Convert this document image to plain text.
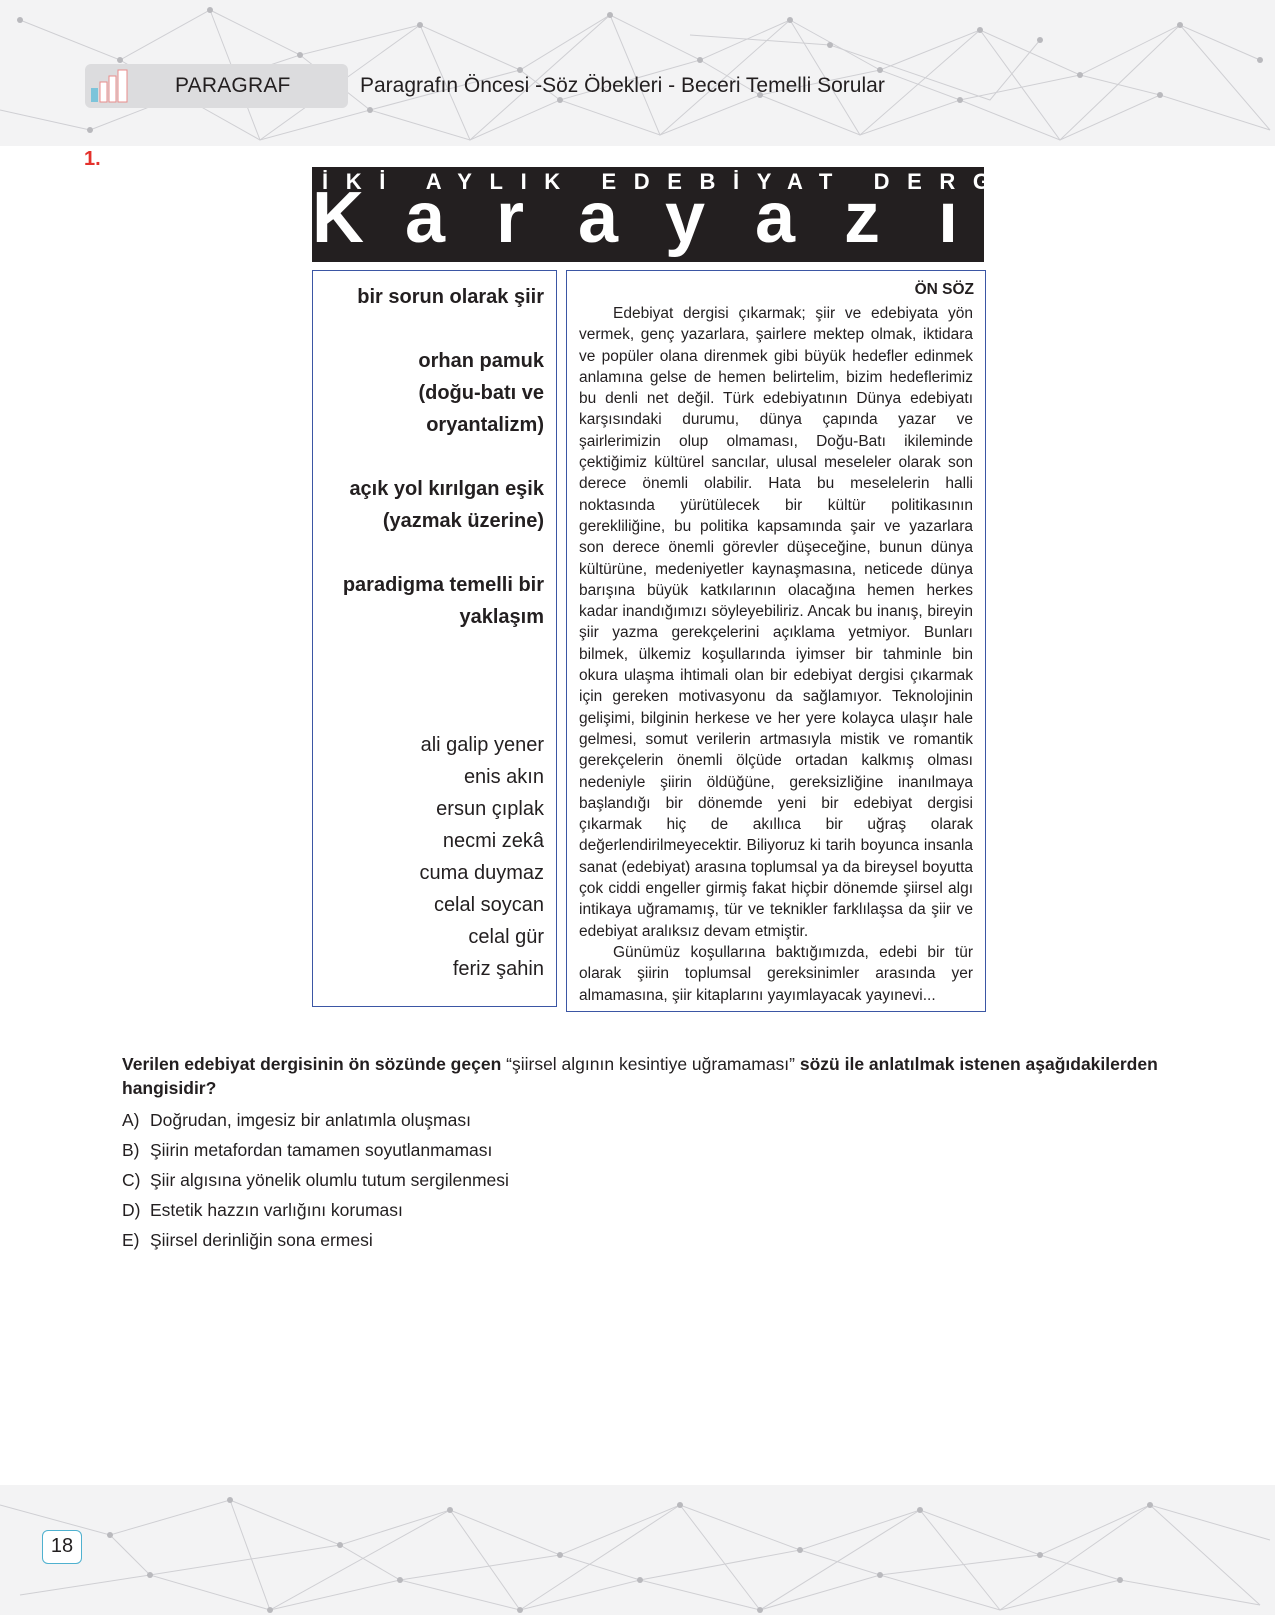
PARAGRAF	Paragrafın Öncesi -Söz Öbekleri - Beceri Temelli Sorular
1.
İKİ AYLIK EDEBİYAT DERGİSİ / 2008
K a r a y a z ı
bir sorun olarak şiir
orhan pamuk
(doğu-batı ve
oryantalizm)
açık yol kırılgan eşik
(yazmak üzerine)
paradigma temelli bir
yaklaşım
ali galip yener
enis akın
ersun çıplak
necmi zekâ
cuma duymaz
celal soycan
celal gür
feriz şahin
ÖN SÖZ

Edebiyat dergisi çıkarmak; şiir ve edebiyata yön vermek, genç yazarlara, şairlere mektep olmak, iktidara ve popüler olana direnmek gibi büyük hedefler edinmek anlamına gelse de hemen belirtelim, bizim hedeflerimiz bu denli net değil. Türk edebiyatının Dünya edebiyatı karşısındaki durumu, dünya çapında yazar ve şairlerimizin olup olmaması, Doğu-Batı ikileminde çektiğimiz kültürel sancılar, ulusal meseleler olarak son derece önemli olabilir. Hata bu meselelerin halli noktasında yürütülecek bir kültür politikasının gerekliliğine, bu politika kapsamında şair ve yazarlara son derece önemli görevler düşeceğine, bunun dünya kültürüne, medeniyetler kaynaşmasına, neticede dünya barışına büyük katkılarının olacağına hemen herkes kadar inandığımızı söyleyebiliriz. Ancak bu inanış, bireyin şiir yazma gerekçelerini açıklama yetmiyor. Bunları bilmek, ülkemiz koşullarında iyimser bir tahminle bin okura ulaşma ihtimali olan bir edebiyat dergisi çıkarmak için gereken motivasyonu da sağlamıyor. Teknolojinin gelişimi, bilginin herkese ve her yere kolayca ulaşır hale gelmesi, somut verilerin artmasıyla mistik ve romantik gerekçelerin önemli ölçüde ortadan kalkmış olması nedeniyle şiirin öldüğüne, gereksizliğine inanılmaya başlandığı bir dönemde yeni bir edebiyat dergisi çıkarmak hiç de akıllıca bir uğraş olarak değerlendirilmeyecektir. Biliyoruz ki tarih boyunca insanla sanat (edebiyat) arasına toplumsal ya da bireysel boyutta çok ciddi engeller girmiş fakat hiçbir dönemde şiirsel algı intikaya uğramamış, tür ve teknikler farklılaşsa da şiir ve edebiyat aralıksız devam etmiştir.

Günümüz koşullarına baktığımızda, edebi bir tür olarak şiirin toplumsal gereksinimler arasında yer almamasına, şiir kitaplarını yayımlayacak yayınevi...

Verilen edebiyat dergisinin ön sözünde geçen “şiirsel algının kesintiye uğramaması” sözü ile anlatılmak istenen aşağıdakilerden hangisidir?
A) Doğrudan, imgesiz bir anlatımla oluşması
B) Şiirin metafordan tamamen soyutlanmaması
C) Şiir algısına yönelik olumlu tutum sergilenmesi
D) Estetik hazzın varlığını koruması
E) Şiirsel derinliğin sona ermesi
18
